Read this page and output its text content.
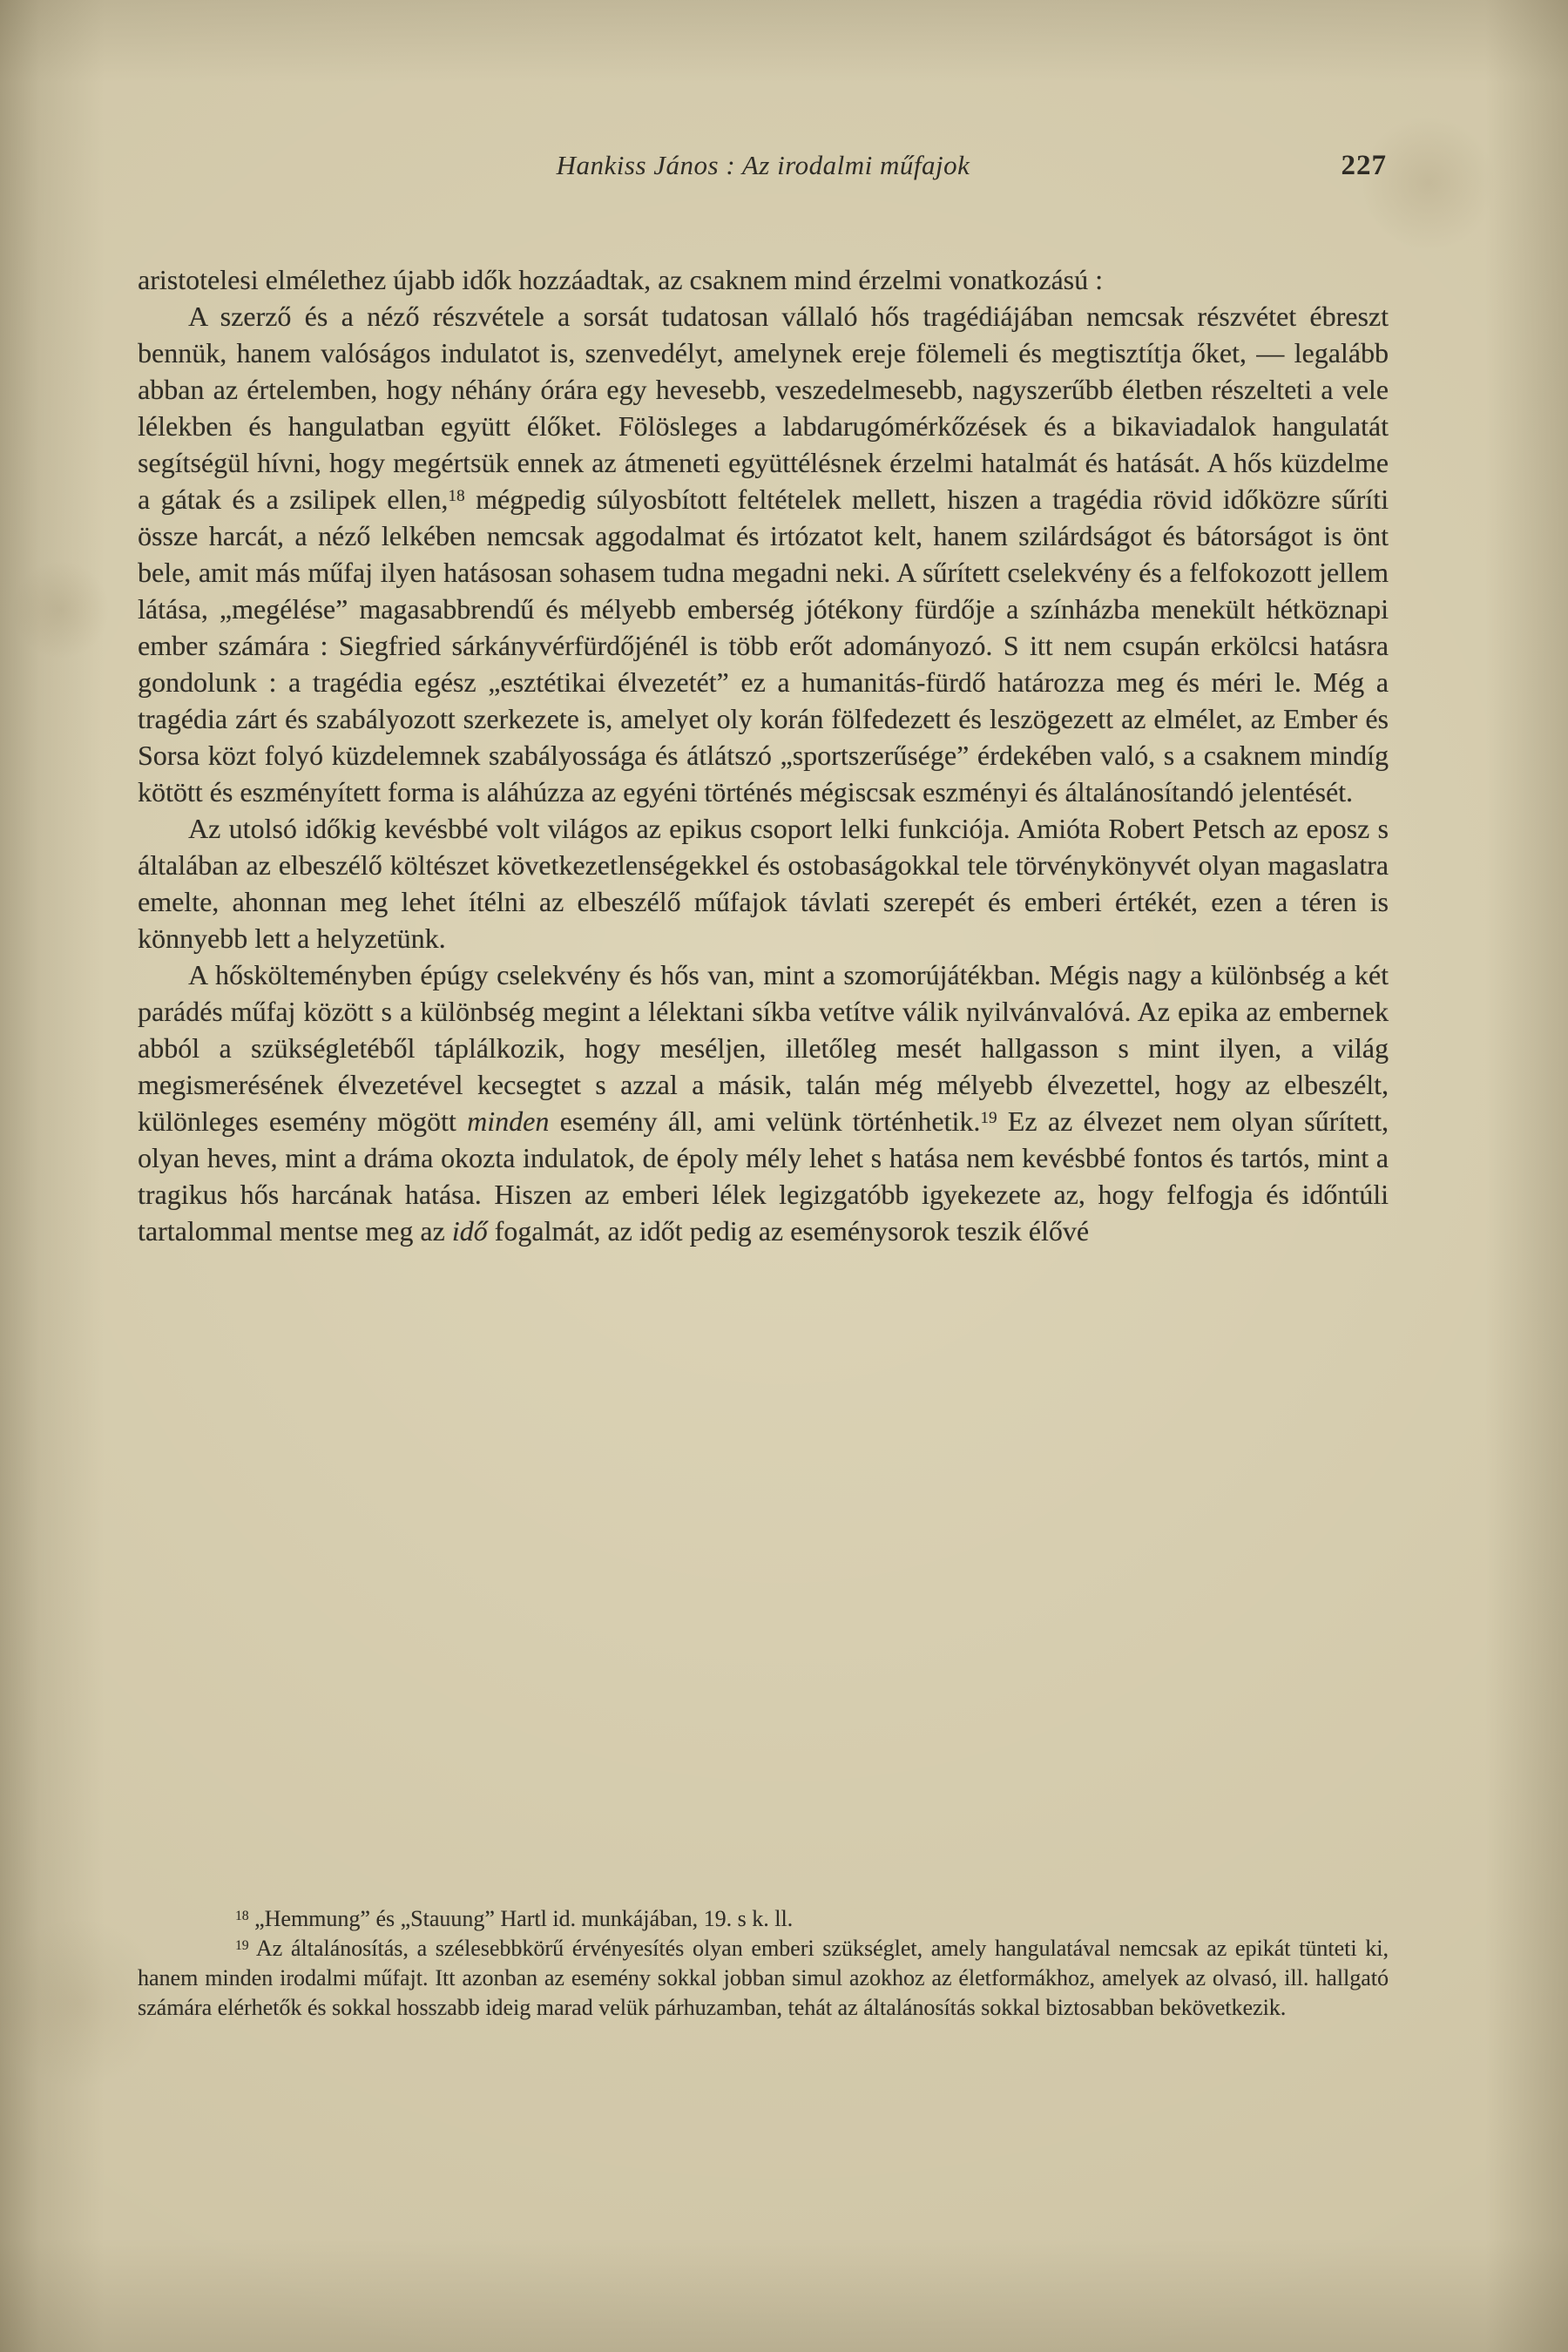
Hankiss János : Az irodalmi műfajok	227

aristotelesi elmélethez újabb idők hozzáadtak, az csaknem mind érzelmi vonatkozású :

A szerző és a néző részvétele a sorsát tudatosan vállaló hős tragédiájában nemcsak részvétet ébreszt bennük, hanem valóságos indulatot is, szenvedélyt, amelynek ereje fölemeli és megtisztítja őket, — legalább abban az értelemben, hogy néhány órára egy hevesebb, veszedelmesebb, nagyszerűbb életben részelteti a vele lélekben és hangulatban együtt élőket. Fölösleges a labdarugómérkőzések és a bikaviadalok hangulatát segítségül hívni, hogy megértsük ennek az átmeneti együttélésnek érzelmi hatalmát és hatását. A hős küzdelme a gátak és a zsilipek ellen,$^{18}$ mégpedig súlyosbított feltételek mellett, hiszen a tragédia rövid időközre sűríti össze harcát, a néző lelkében nemcsak aggodalmat és irtózatot kelt, hanem szilárdságot és bátorságot is önt bele, amit más műfaj ilyen hatásosan sohasem tudna megadni neki. A sűrített cselekvény és a felfokozott jellem látása, „megélése” magasabbrendű és mélyebb emberség jótékony fürdője a színházba menekült hétköznapi ember számára : Siegfried sárkányvérfürdőjénél is több erőt adományozó. S itt nem csupán erkölcsi hatásra gondolunk : a tragédia egész „esztétikai élvezetét” ez a humanitás-fürdő határozza meg és méri le. Még a tragédia zárt és szabályozott szerkezete is, amelyet oly korán fölfedezett és leszögezett az elmélet, az Ember és Sorsa közt folyó küzdelemnek szabályossága és átlátszó „sportszerűsége” érdekében való, s a csaknem mindíg kötött és eszményített forma is aláhúzza az egyéni történés mégiscsak eszményi és általánosítandó jelentését.

Az utolsó időkig kevésbbé volt világos az epikus csoport lelki funkciója. Amióta Robert Petsch az eposz s általában az elbeszélő költészet következetlenségekkel és ostobaságokkal tele törvénykönyvét olyan magaslatra emelte, ahonnan meg lehet ítélni az elbeszélő műfajok távlati szerepét és emberi értékét, ezen a téren is könnyebb lett a helyzetünk.

A hőskölteményben épúgy cselekvény és hős van, mint a szomorújátékban. Mégis nagy a különbség a két parádés műfaj között s a különbség megint a lélektani síkba vetítve válik nyilvánvalóvá. Az epika az embernek abból a szükségletéből táplálkozik, hogy meséljen, illetőleg mesét hallgasson s mint ilyen, a világ megismerésének élvezetével kecsegtet s azzal a másik, talán még mélyebb élvezettel, hogy az elbeszélt, különleges esemény mögött minden esemény áll, ami velünk történhetik.$^{19}$ Ez az élvezet nem olyan sűrített, olyan heves, mint a dráma okozta indulatok, de époly mély lehet s hatása nem kevésbbé fontos és tartós, mint a tragikus hős harcának hatása. Hiszen az emberi lélek legizgatóbb igyekezete az, hogy felfogja és időntúli tartalommal mentse meg az idő fogalmát, az időt pedig az eseménysorok teszik élővé

$^{18}$ „Hemmung” és „Stauung” Hartl id. munkájában, 19. s k. ll.

$^{19}$ Az általánosítás, a szélesebbkörű érvényesítés olyan emberi szükséglet, amely hangulatával nemcsak az epikát tünteti ki, hanem minden irodalmi műfajt. Itt azonban az esemény sokkal jobban simul azokhoz az életformákhoz, amelyek az olvasó, ill. hallgató számára elérhetők és sokkal hosszabb ideig marad velük párhuzamban, tehát az általánosítás sokkal biztosabban bekövetkezik.
